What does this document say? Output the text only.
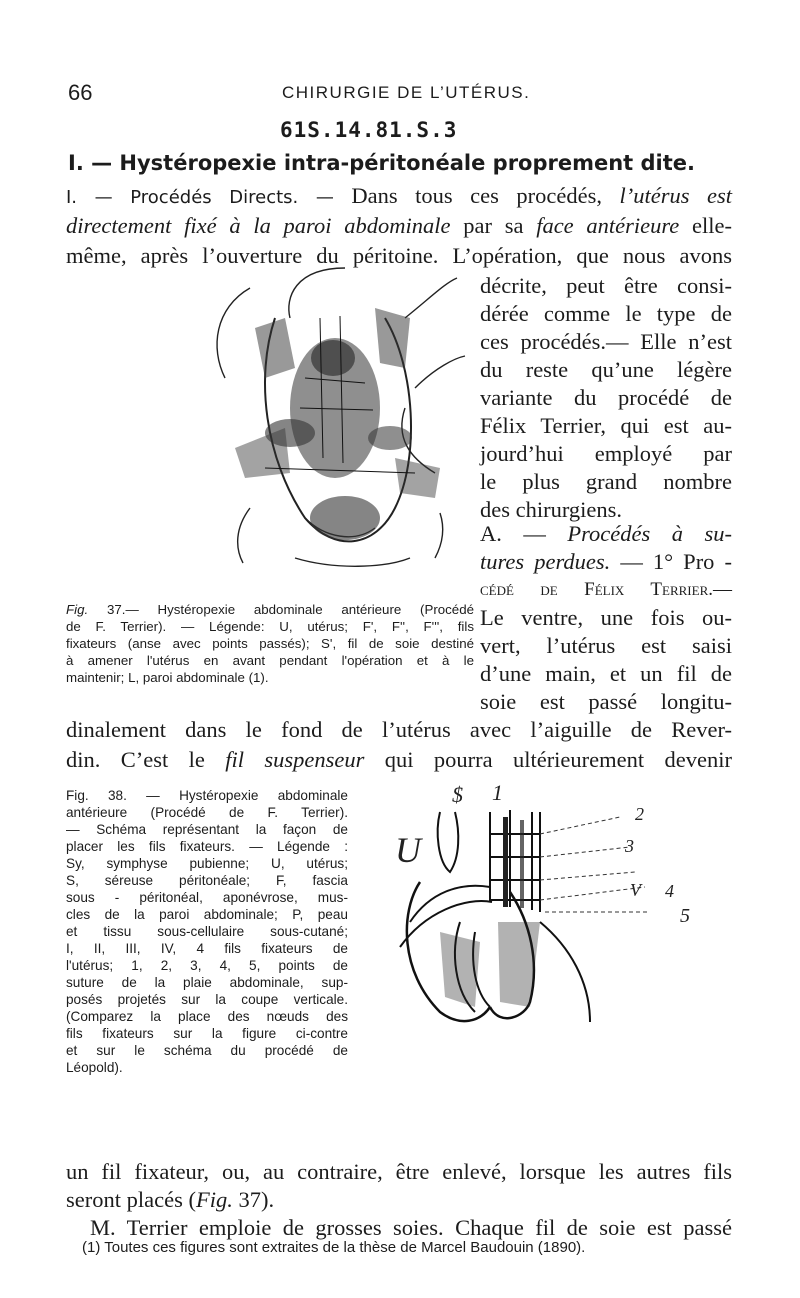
66	CHIRURGIE DE L’UTÉRUS.
61S.14.81.S.3
I. — Hystéropexie intra-péritonéale proprement dite.
I. — Procédés Directs. — Dans tous ces procédés, l’utérus est
directement fixé à la paroi abdominale par sa face antérieure elle-
même, après l’ouverture du péritoine. L’opération, que nous avons
décrite, peut être consi-
dérée comme le type de
ces procédés.— Elle n’est
du reste qu’une légère
variante du procédé de
Félix Terrier, qui est au-
jourd’hui employé par
le plus grand nombre
des chirurgiens.
A. — Procédés à su-
tures perdues. — 1° Pro -
cédé de Félix Terrier.—
Le ventre, une fois ou-
vert, l’utérus est saisi
d’une main, et un fil de
soie est passé longitu-
dinalement dans le fond de l’utérus avec l’aiguille de Rever-
din. C’est le fil suspenseur qui pourra ultérieurement devenir
Fig. 37.— Hystéropexie abdominale antérieure (Procédé
de F. Terrier). — Légende: U, utérus; F', F'', F''', fils
fixateurs (anse avec points passés); S', fil de soie destiné
à amener l'utérus en avant pendant l'opération et à le
maintenir; L, paroi abdominale (1).
Fig. 38. — Hystéropexie abdominale
antérieure (Procédé de F. Terrier).
— Schéma représentant la façon de
placer les fils fixateurs. — Légende :
Sy, symphyse pubienne; U, utérus;
S, séreuse péritonéale; F, fascia
sous - péritonéal, aponévrose, mus-
cles de la paroi abdominale; P, peau
et tissu sous-cellulaire sous-cutané;
I, II, III, IV, 4 fils fixateurs de
l'utérus; 1, 2, 3, 4, 5, points de
suture de la plaie abdominale, sup-
posés projetés sur la coupe verticale.
(Comparez la place des nœuds des
fils fixateurs sur la figure ci-contre
et sur le schéma du procédé de
Léopold).
$ 1
2
3
4
5
V
U
un fil fixateur, ou, au contraire, être enlevé, lorsque les autres fils
seront placés (Fig. 37).
M. Terrier emploie de grosses soies. Chaque fil de soie est passé
(1) Toutes ces figures sont extraites de la thèse de Marcel Baudouin (1890).
